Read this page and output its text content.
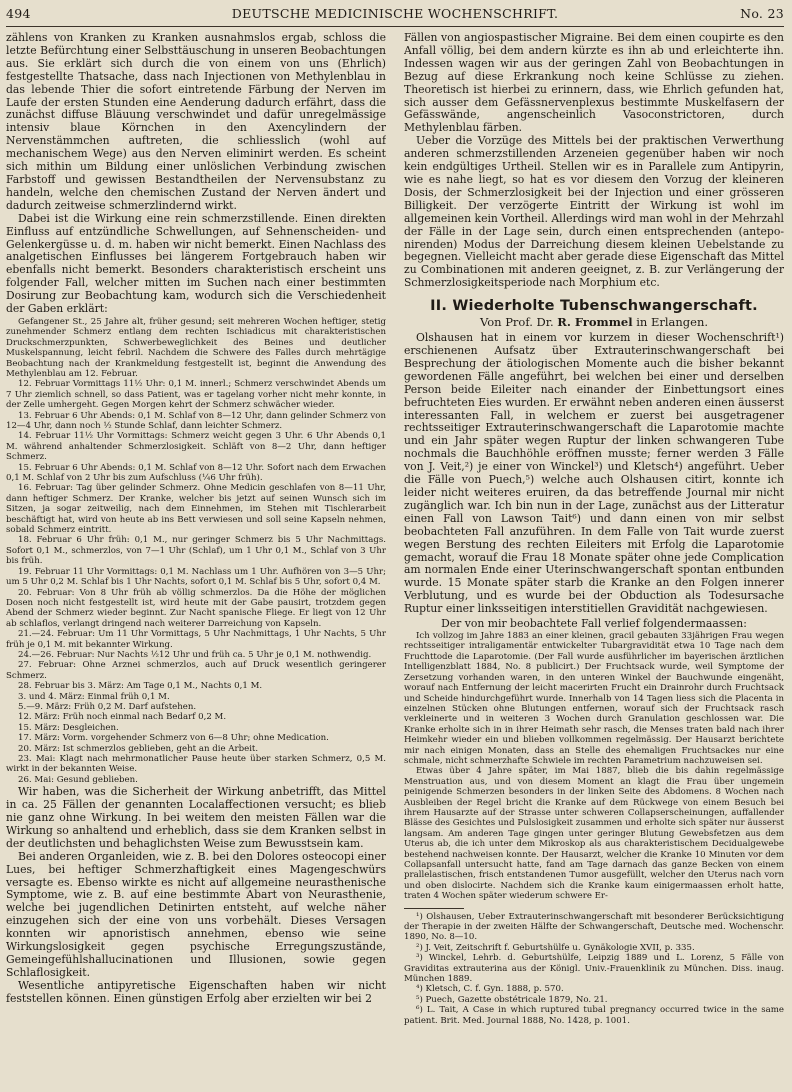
494	DEUTSCHE MEDICINISCHE WOCHENSCHRIFT.	No. 23

zählens von Kranken zu Kranken ausnahmslos ergab, schloss die letzte Befürchtung einer Selbsttäuschung in unseren Beobachtungen aus. Sie erklärt sich durch die von einem von uns (Ehrlich) festgestellte Thatsache, dass nach Injectionen von Methylenblau in das lebende Thier die sofort eintretende Färbung der Nerven im Laufe der ersten Stunden eine Aenderung dadurch erfährt, dass die zunächst diffuse Bläuung verschwindet und dafür unregelmässige intensiv blaue Körnchen in den Axencylindern der Nervenstämmchen auftreten, die schliesslich (wohl auf mechanischem Wege) aus den Nerven eliminirt werden. Es scheint sich mithin um Bildung einer unlöslichen Verbindung zwischen Farbstoff und gewissen Bestandtheilen der Nervensubstanz zu handeln, welche den chemischen Zustand der Nerven ändert und dadurch zeitweise schmerzlindernd wirkt.

Dabei ist die Wirkung eine rein schmerzstillende. Einen direkten Einfluss auf entzündliche Schwellungen, auf Sehnenscheiden- und Gelenkergüsse u. d. m. haben wir nicht bemerkt. Einen Nachlass des analgetischen Einflusses bei längerem Fortgebrauch haben wir ebenfalls nicht bemerkt. Besonders charakteristisch erscheint uns folgender Fall, welcher mitten im Suchen nach einer bestimmten Dosirung zur Beobachtung kam, wodurch sich die Verschiedenheit der Gaben erklärt:

Gefangener St., 25 Jahre alt, früher gesund; seit mehreren Wochen heftiger, stetig zunehmender Schmerz entlang dem rechten Ischiadicus mit charakteristischen Druckschmerzpunkten, Schwerbeweglichkeit des Beines und deutlicher Muskelspannung, leicht febril. Nachdem die Schwere des Falles durch mehrtägige Beobachtung nach der Krankmeldung festgestellt ist, beginnt die Anwendung des Methylenblau am 12. Februar.

12. Februar Vormittags 11½ Uhr: 0,1 M. innerl.; Schmerz verschwindet Abends um 7 Uhr ziemlich schnell, so dass Patient, was er tagelang vorher nicht mehr konnte, in der Zelle umhergeht. Gegen Morgen kehrt der Schmerz schwächer wieder.

13. Februar 6 Uhr Abends: 0,1 M. Schlaf von 8—12 Uhr, dann gelinder Schmerz von 12—4 Uhr, dann noch ½ Stunde Schlaf, dann leichter Schmerz.

14. Februar 11½ Uhr Vormittags: Schmerz weicht gegen 3 Uhr. 6 Uhr Abends 0,1 M. während anhaltender Schmerzlosigkeit. Schläft von 8—2 Uhr, dann heftiger Schmerz.

15. Februar 6 Uhr Abends: 0,1 M. Schlaf von 8—12 Uhr. Sofort nach dem Erwachen 0,1 M. Schlaf von 2 Uhr bis zum Aufschluss (¼6 Uhr früh).

16. Februar: Tag über gelinder Schmerz. Ohne Medicin geschlafen von 8—11 Uhr, dann heftiger Schmerz. Der Kranke, welcher bis jetzt auf seinen Wunsch sich im Sitzen, ja sogar zeitweilig, nach dem Einnehmen, im Stehen mit Tischlerarbeit beschäftigt hat, wird von heute ab ins Bett verwiesen und soll seine Kapseln nehmen, sobald Schmerz eintritt.

18. Februar 6 Uhr früh: 0,1 M., nur geringer Schmerz bis 5 Uhr Nachmittags. Sofort 0,1 M., schmerzlos, von 7—1 Uhr (Schlaf), um 1 Uhr 0,1 M., Schlaf von 3 Uhr bis früh.

19. Februar 11 Uhr Vormittags: 0,1 M. Nachlass um 1 Uhr. Aufhören von 3—5 Uhr; um 5 Uhr 0,2 M. Schlaf bis 1 Uhr Nachts, sofort 0,1 M. Schlaf bis 5 Uhr, sofort 0,4 M.

20. Februar: Von 8 Uhr früh ab völlig schmerzlos. Da die Höhe der möglichen Dosen noch nicht festgestellt ist, wird heute mit der Gabe pausirt, trotzdem gegen Abend der Schmerz wieder beginnt. Zur Nacht spanische Fliege. Er liegt von 12 Uhr ab schlaflos, verlangt dringend nach weiterer Darreichung von Kapseln.

21.—24. Februar: Um 11 Uhr Vormittags, 5 Uhr Nachmittags, 1 Uhr Nachts, 5 Uhr früh je 0,1 M. mit bekannter Wirkung.

24.—26. Februar: Nur Nachts ½12 Uhr und früh ca. 5 Uhr je 0,1 M. nothwendig.

27. Februar: Ohne Arznei schmerzlos, auch auf Druck wesentlich geringerer Schmerz.

28. Februar bis 3. März: Am Tage 0,1 M., Nachts 0,1 M.

3. und 4. März: Einmal früh 0,1 M.

5.—9. März: Früh 0,2 M. Darf aufstehen.

12. März: Früh noch einmal nach Bedarf 0,2 M.

15. März: Desgleichen.

17. März: Vorm. vorgehender Schmerz von 6—8 Uhr; ohne Medication.

20. März: Ist schmerzlos geblieben, geht an die Arbeit.

23. Mai: Klagt nach mehrmonatlicher Pause heute über starken Schmerz, 0,5 M. wirkt in der bekannten Weise.

26. Mai: Gesund geblieben.

Wir haben, was die Sicherheit der Wirkung anbetrifft, das Mittel in ca. 25 Fällen der genannten Localaffectionen versucht; es blieb nie ganz ohne Wirkung. In bei weitem den meisten Fällen war die Wirkung so anhaltend und erheblich, dass sie dem Kranken selbst in der deutlichsten und behaglichsten Weise zum Bewusstsein kam.

Bei anderen Organleiden, wie z. B. bei den Dolores osteocopi einer Lues, bei heftiger Schmerzhaftigkeit eines Magengeschwürs versagte es. Ebenso wirkte es nicht auf allgemeine neurasthenische Symptome, wie z. B. auf eine bestimmte Abart von Neurasthenie, welche bei jugendlichen Detinirten entsteht, auf welche näher einzugehen sich der eine von uns vorbehält. Dieses Versagen konnten wir apnoristisch annehmen, ebenso wie seine Wirkungslosigkeit gegen psychische Erregungszustände, Gemeingefühlshallucinationen und Illusionen, sowie gegen Schlaflosigkeit.

Wesentliche antipyretische Eigenschaften haben wir nicht feststellen können. Einen günstigen Erfolg aber erzielten wir bei 2

Fällen von angiospastischer Migraine. Bei dem einen coupirte es den Anfall völlig, bei dem andern kürzte es ihn ab und erleichterte ihn. Indessen wagen wir aus der geringen Zahl von Beobachtungen in Bezug auf diese Erkrankung noch keine Schlüsse zu ziehen. Theoretisch ist hierbei zu erinnern, dass, wie Ehrlich gefunden hat, sich ausser dem Gefässnervenplexus bestimmte Muskelfasern der Gefässwände, angenscheinlich Vasoconstrictoren, durch Methylenblau färben.

Ueber die Vorzüge des Mittels bei der praktischen Verwerthung anderen schmerzstillenden Arzeneien gegenüber haben wir noch kein endgültiges Urtheil. Stellen wir es in Parallele zum Antipyrin, wie es nahe liegt, so hat es vor diesem den Vorzug der kleineren Dosis, der Schmerzlosigkeit bei der Injection und einer grösseren Billigkeit. Der verzögerte Eintritt der Wirkung ist wohl im allgemeinen kein Vortheil. Allerdings wird man wohl in der Mehrzahl der Fälle in der Lage sein, durch einen entsprechenden (antepo-nirenden) Modus der Darreichung diesem kleinen Uebelstande zu begegnen. Vielleicht macht aber gerade diese Eigenschaft das Mittel zu Combinationen mit anderen geeignet, z. B. zur Verlängerung der Schmerzlosigkeitsperiode nach Morphium etc.

II. Wiederholte Tubenschwangerschaft.
Von Prof. Dr. R. Frommel in Erlangen.

Olshausen hat in einem vor kurzem in dieser Wochenschrift¹) erschienenen Aufsatz über Extrauterinschwangerschaft bei Besprechung der ätiologischen Momente auch die bisher bekannt gewordenen Fälle angeführt, bei welchen bei einer und derselben Person beide Eileiter nach einander der Einbettungsort eines befruchteten Eies wurden. Er erwähnt neben anderen einen äusserst interessanten Fall, in welchem er zuerst bei ausgetragener rechtsseitiger Extrauterinschwangerschaft die Laparotomie machte und ein Jahr später wegen Ruptur der linken schwangeren Tube nochmals die Bauchhöhle eröffnen musste; ferner werden 3 Fälle von J. Veit,²) je einer von Winckel³) und Kletsch⁴) angeführt. Ueber die Fälle von Puech,⁵) welche auch Olshausen citirt, konnte ich leider nicht weiteres eruiren, da das betreffende Journal mir nicht zugänglich war. Ich bin nun in der Lage, zunächst aus der Litteratur einen Fall von Lawson Tait⁶) und dann einen von mir selbst beobachteten Fall anzuführen. In dem Falle von Tait wurde zuerst wegen Berstung des rechten Eileiters mit Erfolg die Laparotomie gemacht, worauf die Frau 18 Monate später ohne jede Complication am normalen Ende einer Uterinschwangerschaft spontan entbunden wurde. 15 Monate später starb die Kranke an den Folgen innerer Verblutung, und es wurde bei der Obduction als Todesursache Ruptur einer linksseitigen interstitiellen Gravidität nachgewiesen.

Der von mir beobachtete Fall verlief folgendermaassen:

Ich vollzog im Jahre 1883 an einer kleinen, gracil gebauten 33jährigen Frau wegen rechtsseitiger intraligamentär entwickelter Tubargravidität etwa 10 Tage nach dem Fruchttode die Laparotomie. (Der Fall wurde ausführlicher im bayerischen ärztlichen Intelligenzblatt 1884, No. 8 publicirt.) Der Fruchtsack wurde, weil Symptome der Zersetzung vorhanden waren, in den unteren Winkel der Bauchwunde eingenäht, worauf nach Entfernung der leicht macerirten Frucht ein Drainrohr durch Fruchtsack und Scheide hindurchgeführt wurde. Innerhalb von 14 Tagen liess sich die Placenta in einzelnen Stücken ohne Blutungen entfernen, worauf sich der Fruchtsack rasch verkleinerte und in weiteren 3 Wochen durch Granulation geschlossen war. Die Kranke erholte sich in in ihrer Heimath sehr rasch, die Menses traten bald nach ihrer Heimkehr wieder ein und blieben vollkommen regelmässig. Der Hausarzt berichtete mir nach einigen Monaten, dass an Stelle des ehemaligen Fruchtsackes nur eine schmale, nicht schmerzhafte Schwiele im rechten Parametrium nachzuweisen sei.

Etwas über 4 Jahre später, im Mai 1887, blieb die bis dahin regelmässige Menstruation aus, und von diesem Moment an klagt die Frau über ungemein peinigende Schmerzen besonders in der linken Seite des Abdomens. 8 Wochen nach Ausbleiben der Regel bricht die Kranke auf dem Rückwege von einem Besuch bei ihrem Hausarzte auf der Strasse unter schweren Collapserscheinungen, auffallender Blässe des Gesichtes und Pulslosigkeit zusammen und erholte sich später nur äusserst langsam. Am anderen Tage gingen unter geringer Blutung Gewebsfetzen aus dem Uterus ab, die ich unter dem Mikroskop als aus charakteristischem Decidualgewebe bestehend nachweisen konnte. Der Hausarzt, welcher die Kranke 10 Minuten vor dem Collapsanfall untersucht hatte, fand am Tage darnach das ganze Becken von einem prallelastischen, frisch entstandenen Tumor ausgefüllt, welcher den Uterus nach vorn und oben dislocirte. Nachdem sich die Kranke kaum einigermaassen erholt hatte, traten 4 Wochen später wiederum schwere Er-

¹) Olshausen, Ueber Extrauterinschwangerschaft mit besonderer Berücksichtigung der Therapie in der zweiten Hälfte der Schwangerschaft, Deutsche med. Wochenschr. 1890, No. 8—10.

²) J. Veit, Zeitschrift f. Geburtshülfe u. Gynäkologie XVII, p. 335.

³) Winckel, Lehrb. d. Geburtshülfe, Leipzig 1889 und L. Lorenz, 5 Fälle von Graviditas extrauterina aus der Königl. Univ.-Frauenklinik zu München. Diss. inaug. München 1889.

⁴) Kletsch, C. f. Gyn. 1888, p. 570.

⁵) Puech, Gazette obstétricale 1879, No. 21.

⁶) L. Tait, A Case in which ruptured tubal pregnancy occurred twice in the same patient. Brit. Med. Journal 1888, No. 1428, p. 1001.
